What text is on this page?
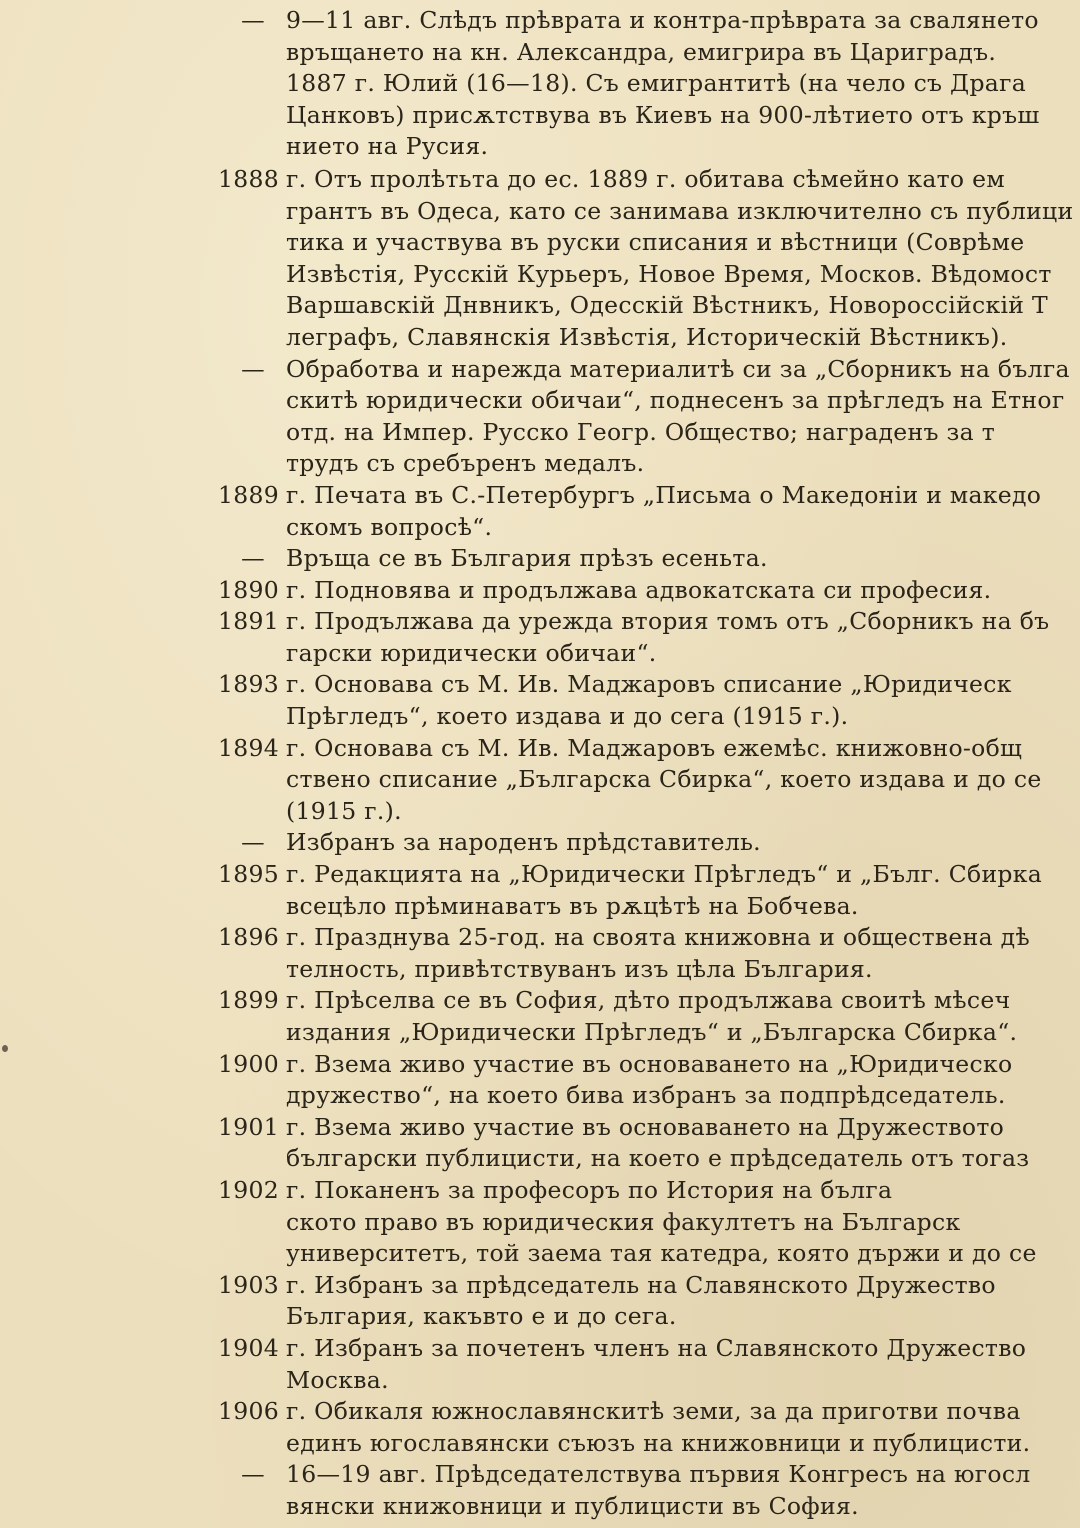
— 9—11 авг. Слѣдъ прѣврата и контра-прѣврата за свалянето
връщането на кн. Александра, емигрира въ Цариградъ.
1887 г. Юлий (16—18). Съ емигрантитѣ (на чело съ Драга
Цанковъ) присѫтствува въ Киевъ на 900-лѣтието отъ кръш
нието на Русия.
1888 г. Отъ пролѣтьта до ес. 1889 г. обитава сѣмейно като ем
грантъ въ Одеса, като се занимава изключително съ публици
тика и участвува въ руски списания и вѣстници (Соврѣме
Извѣстія, Русскій Курьеръ, Новое Время, Москов. Вѣдомост
Варшавскій Днвникъ, Одесскій Вѣстникъ, Новороссійскій Т
леграфъ, Славянскія Извѣстія, Историческій Вѣстникъ).
— Обработва и нарежда материалитѣ си за „Сборникъ на бълга
скитѣ юридически обичаи“, поднесенъ за прѣгледъ на Етног
отд. на Импер. Русско Геогр. Общество; награденъ за т
трудъ съ сребъренъ медалъ.
1889 г. Печата въ С.-Петербургъ „Письма о Македоніи и македо
скомъ вопросѣ“.
— Връща се въ България прѣзъ есеньта.
1890 г. Подновява и продължава адвокатската си професия.
1891 г. Продължава да урежда втория томъ отъ „Сборникъ на бъ
гарски юридически обичаи“.
1893 г. Основава съ М. Ив. Маджаровъ списание „Юридическ
Прѣгледъ“, което издава и до сега (1915 г.).
1894 г. Основава съ М. Ив. Маджаровъ ежемѣс. книжовно-общ
ствено списание „Българска Сбирка“, което издава и до се
(1915 г.).
— Избранъ за народенъ прѣдставитель.
1895 г. Редакцията на „Юридически Прѣгледъ“ и „Бълг. Сбирка
всецѣло прѣминаватъ въ рѫцѣтѣ на Бобчева.
1896 г. Празднува 25-год. на своята книжовна и обществена дѣ
телность, привѣтствуванъ изъ цѣла България.
1899 г. Прѣселва се въ София, дѣто продължава своитѣ мѣсеч
издания „Юридически Прѣгледъ“ и „Българска Сбирка“.
1900 г. Взема живо участие въ основаването на „Юридическо
дружество“, на което бива избранъ за подпрѣдседатель.
1901 г. Взема живо участие въ основаването на Дружеството
български публицисти, на което е прѣдседатель отъ тогаз
1902 г. Поканенъ за професоръ по История на бълга
ското право въ юридическия факултетъ на Българск
университетъ, той заема тая катедра, която държи и до се
1903 г. Избранъ за прѣдседатель на Славянското Дружество
България, какъвто е и до сега.
1904 г. Избранъ за почетенъ членъ на Славянското Дружество
Москва.
1906 г. Обикаля южнославянскитѣ земи, за да приготви почва
единъ югославянски съюзъ на книжовници и публицисти.
— 16—19 авг. Прѣдседателствува първия Конгресъ на югосл
вянски книжовници и публицисти въ София.
